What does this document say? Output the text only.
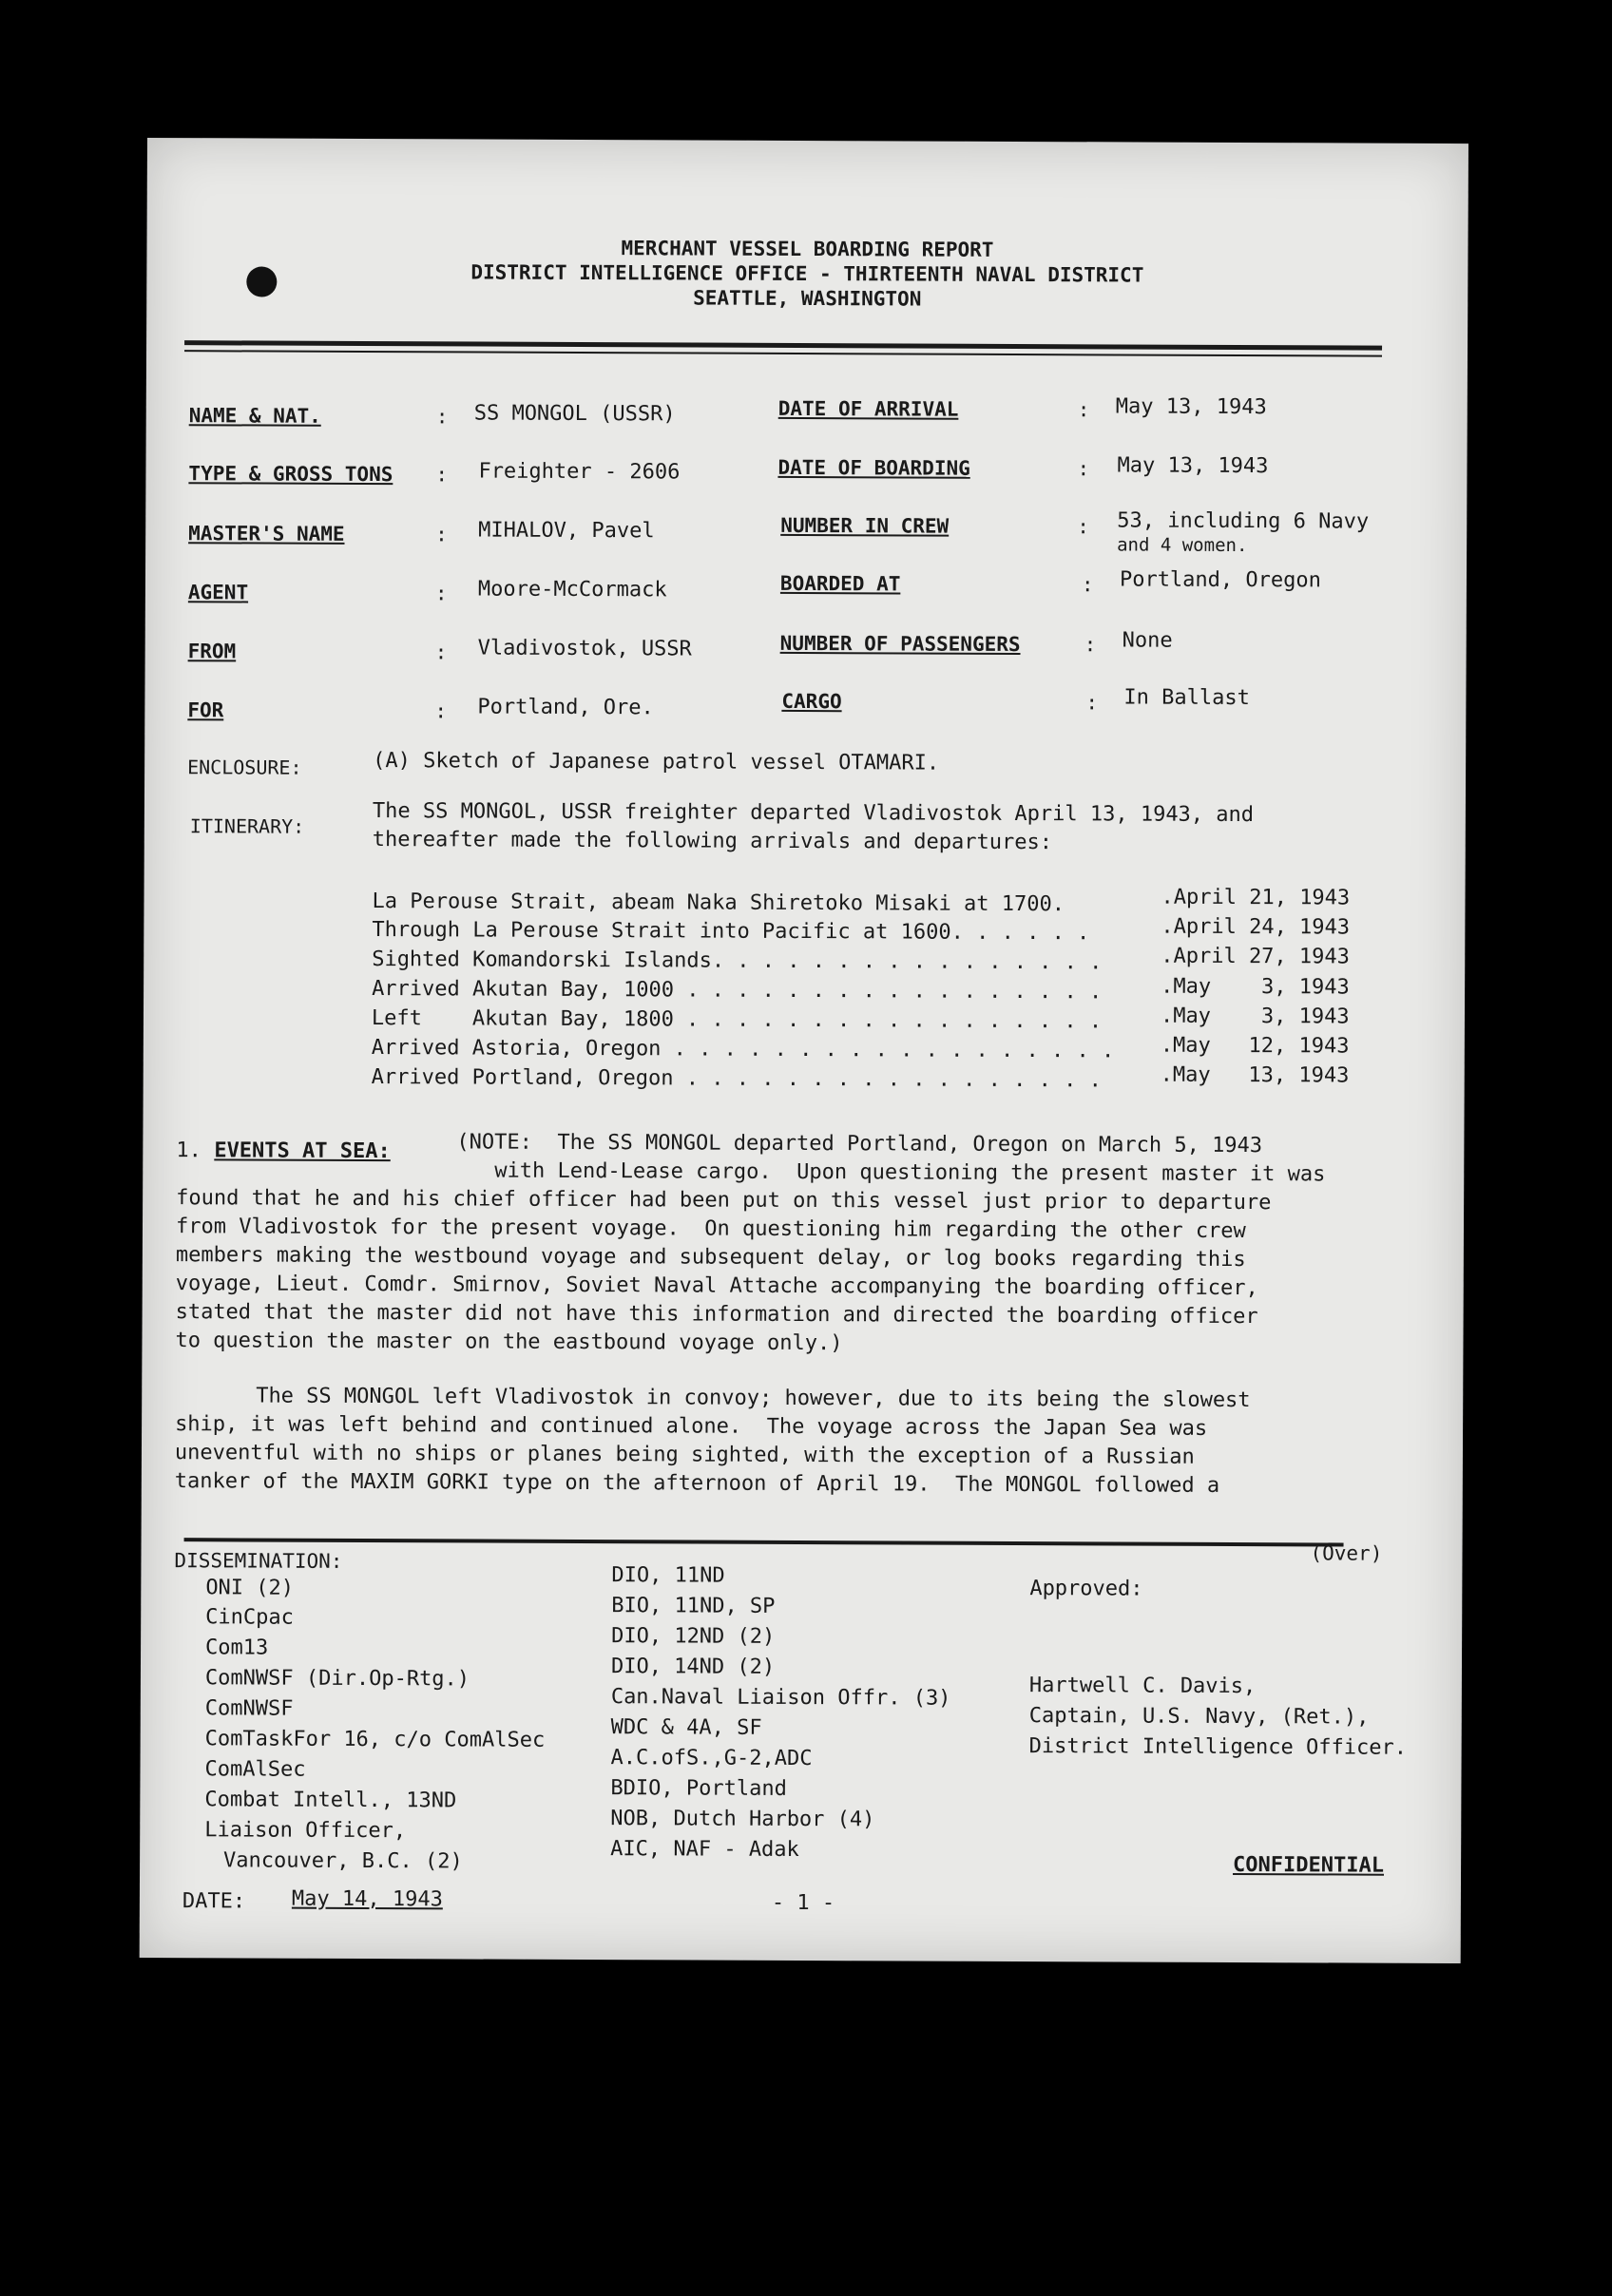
MERCHANT VESSEL BOARDING REPORT
DISTRICT INTELLIGENCE OFFICE - THIRTEENTH NAVAL DISTRICT
SEATTLE, WASHINGTON
NAME & NAT.	: SS MONGOL (USSR)
TYPE & GROSS TONS : Freighter - 2606
MASTER'S NAME	: MIHALOV, Pavel
AGENT	: Moore-McCormack
FROM	: Vladivostok, USSR
FOR	: Portland, Ore.
DATE OF ARRIVAL	: May 13, 1943
DATE OF BOARDING	: May 13, 1943
NUMBER IN CREW	: 53, including 6 Navy
and 4 women.
BOARDED AT	: Portland, Oregon
NUMBER OF PASSENGERS	: None
CARGO	: In Ballast
ENCLOSURE:	(A) Sketch of Japanese patrol vessel OTAMARI.
ITINERARY:	The SS MONGOL, USSR freighter departed Vladivostok April 13, 1943, and
thereafter made the following arrivals and departures:
La Perouse Strait, abeam Naka Shiretoko Misaki at 1700.	.April 21, 1943
Through La Perouse Strait into Pacific at 1600. . . . . .	.April 24, 1943
Sighted Komandorski Islands. . . . . . . . . . . . . . . .	.April 27, 1943
Arrived Akutan Bay, 1000 . . . . . . . . . . . . . . . . .	.May    3, 1943
Left    Akutan Bay, 1800 . . . . . . . . . . . . . . . . .	.May    3, 1943
Arrived Astoria, Oregon . . . . . . . . . . . . . . . . . . .May   12, 1943
Arrived Portland, Oregon . . . . . . . . . . . . . . . . .	.May   13, 1943
1. EVENTS AT SEA:	(NOTE:  The SS MONGOL departed Portland, Oregon on March 5, 1943
with Lend-Lease cargo.  Upon questioning the present master it was
found that he and his chief officer had been put on this vessel just prior to departure
from Vladivostok for the present voyage.  On questioning him regarding the other crew
members making the westbound voyage and subsequent delay, or log books regarding this
voyage, Lieut. Comdr. Smirnov, Soviet Naval Attache accompanying the boarding officer,
stated that the master did not have this information and directed the boarding officer
to question the master on the eastbound voyage only.)
The SS MONGOL left Vladivostok in convoy; however, due to its being the slowest
ship, it was left behind and continued alone.  The voyage across the Japan Sea was
uneventful with no ships or planes being sighted, with the exception of a Russian
tanker of the MAXIM GORKI type on the afternoon of April 19.  The MONGOL followed a
DISSEMINATION:	(Over)
ONI (2)
CinCpac
Com13
ComNWSF (Dir.Op-Rtg.)
ComNWSF
ComTaskFor 16, c/o ComAlSec
ComAlSec
Combat Intell., 13ND
Liaison Officer,
Vancouver, B.C. (2)
DIO, 11ND
BIO, 11ND, SP
DIO, 12ND (2)
DIO, 14ND (2)
Can.Naval Liaison Offr. (3)
WDC & 4A, SF
A.C.ofS.,G-2,ADC
BDIO, Portland
NOB, Dutch Harbor (4)
AIC, NAF - Adak
Approved:
Hartwell C. Davis,
Captain, U.S. Navy, (Ret.),
District Intelligence Officer.
CONFIDENTIAL
DATE: May 14, 1943	- 1 -
